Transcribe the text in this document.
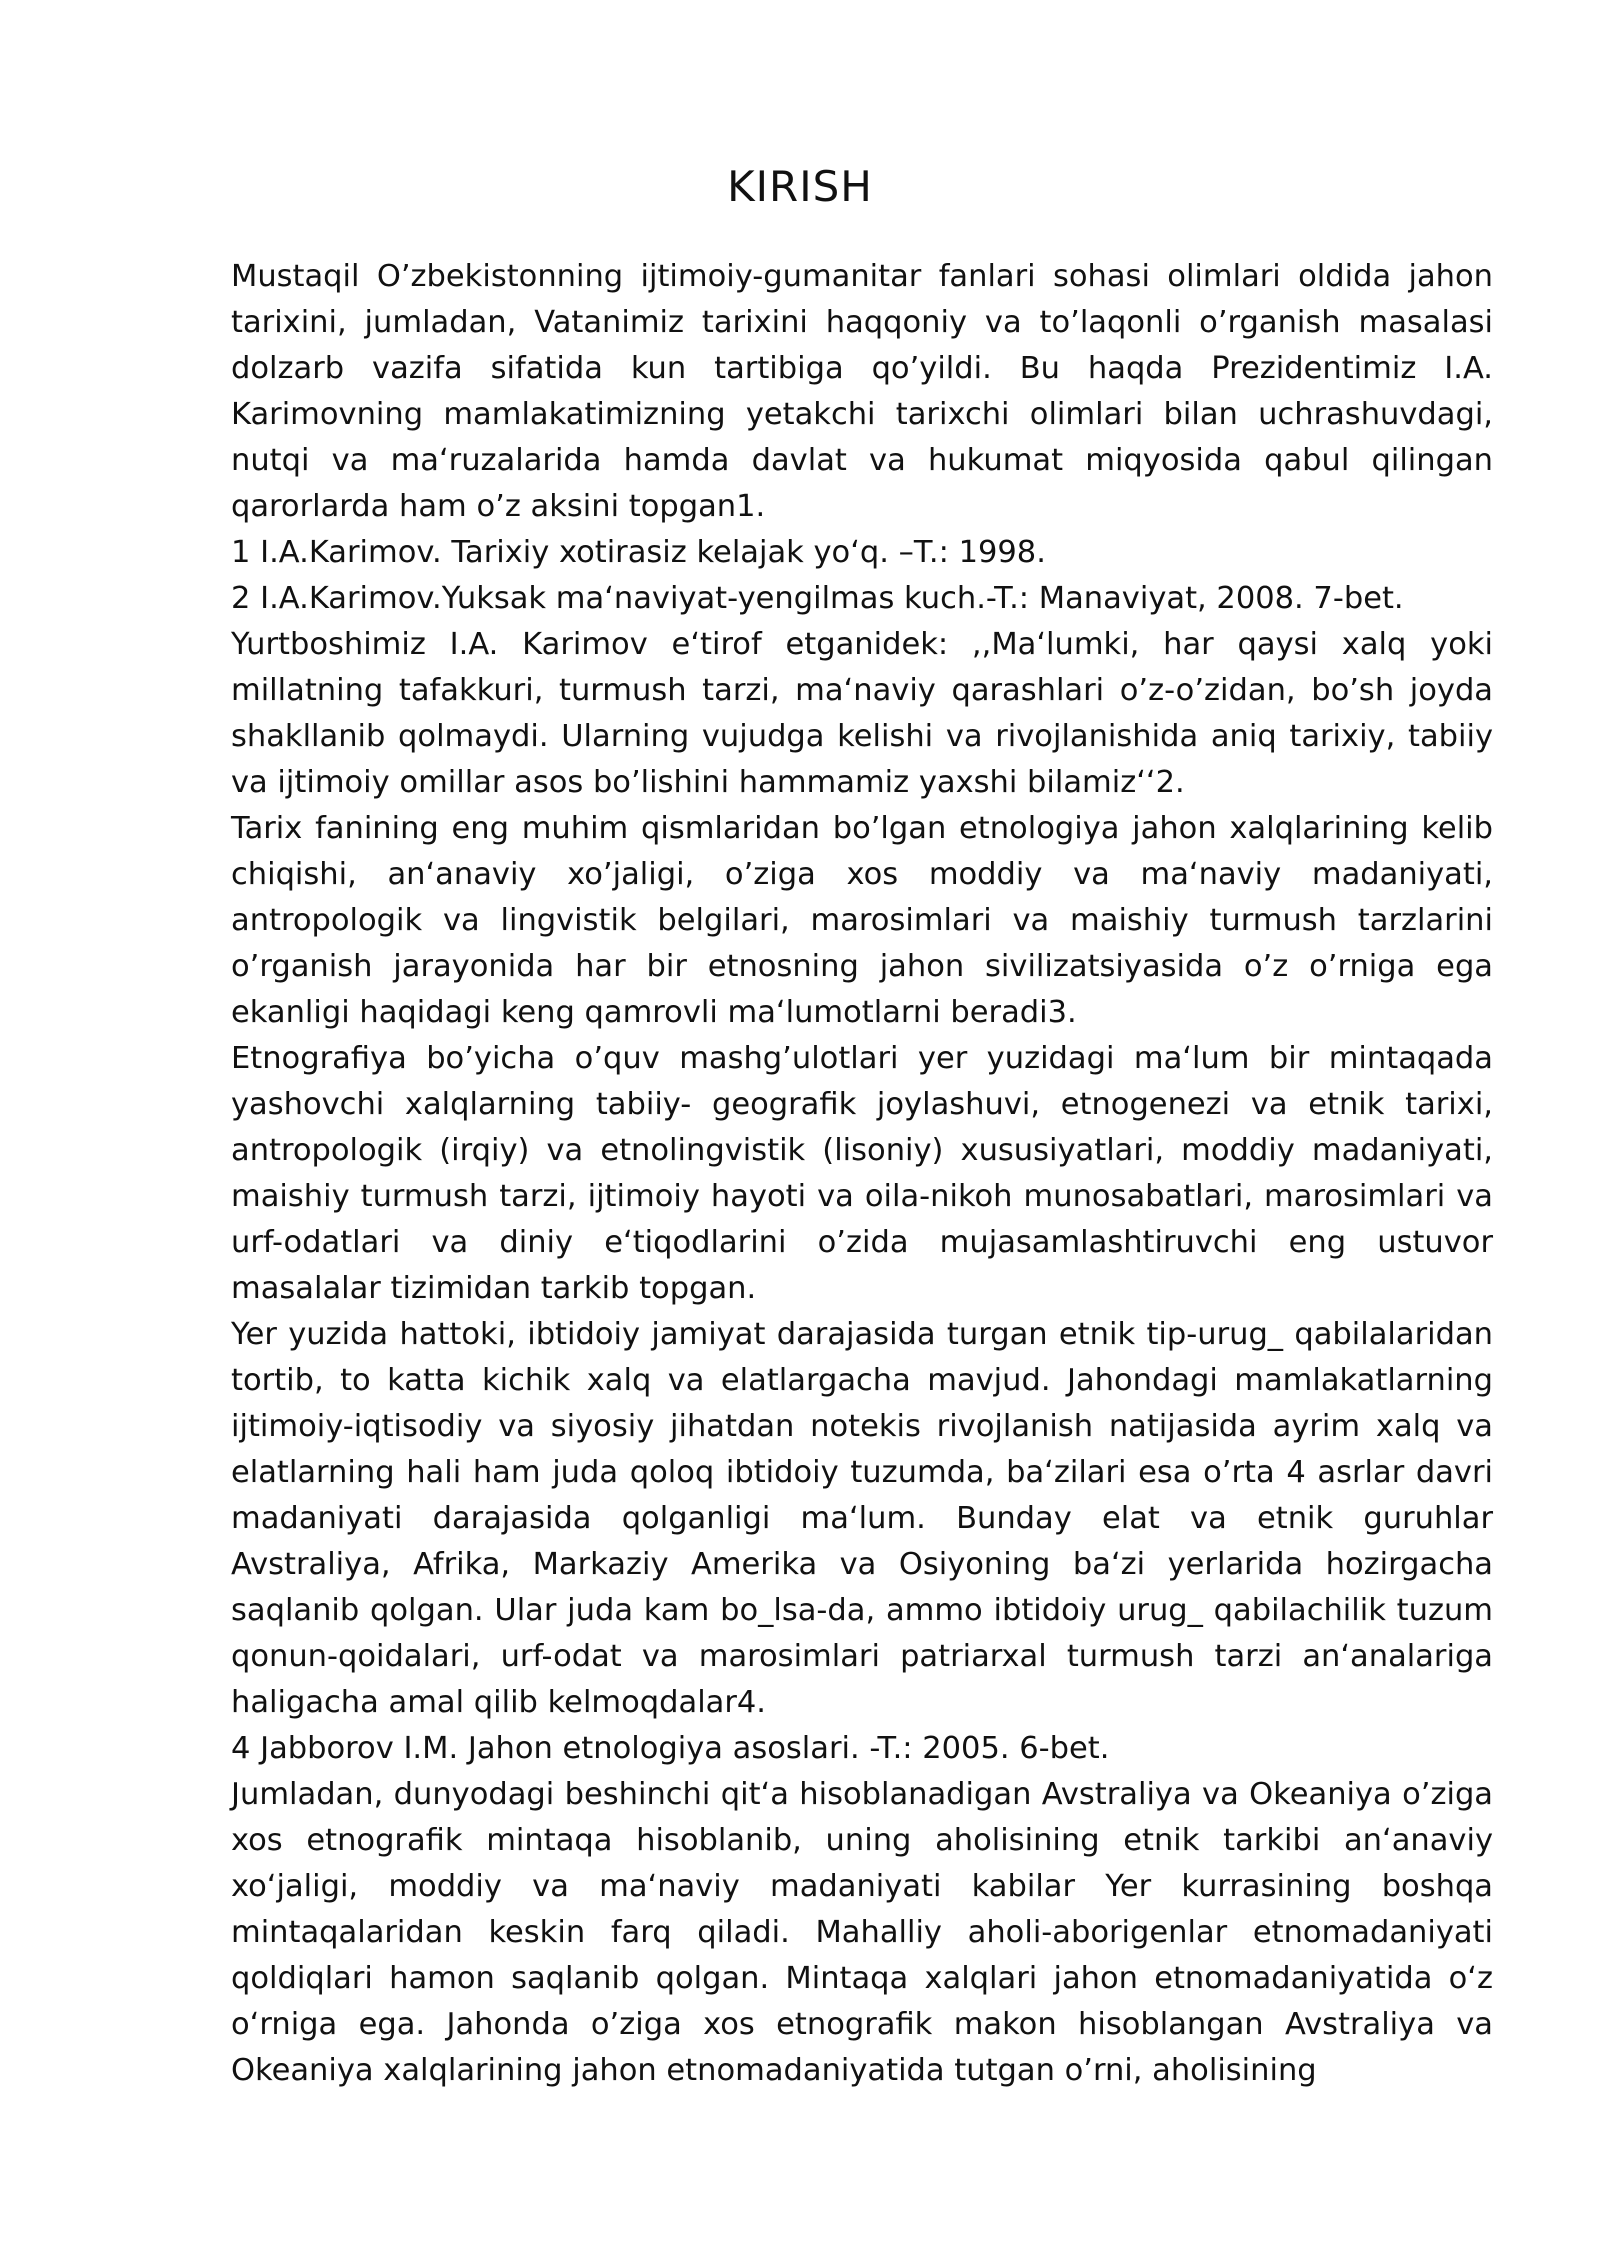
KIRISH

Mustaqil O’zbekistonning ijtimoiy-gumanitar fanlari sohasi olimlari oldida jahon tarixini, jumladan, Vatanimiz tarixini haqqoniy va to’laqonli o’rganish masalasi dolzarb vazifa sifatida kun tartibiga qo’yildi. Bu haqda Prezidentimiz I.A. Karimovning mamlakatimizning yetakchi tarixchi olimlari bilan uchrashuvdagi, nutqi va maʻruzalarida hamda davlat va hukumat miqyosida qabul qilingan qarorlarda ham o’z aksini topgan1.

1 I.A.Karimov. Tarixiy xotirasiz kelajak yoʻq. –T.: 1998.

2 I.A.Karimov.Yuksak maʻnaviyat-yengilmas kuch.-T.: Manaviyat, 2008. 7-bet.

Yurtboshimiz I.A. Karimov eʻtirof etganidek: ,,Maʻlumki, har qaysi xalq yoki millatning tafakkuri, turmush tarzi, maʻnaviy qarashlari o’z-o’zidan, bo’sh joyda shakllanib qolmaydi. Ularning vujudga kelishi va rivojlanishida aniq tarixiy, tabiiy va ijtimoiy omillar asos bo’lishini hammamiz yaxshi bilamiz‘‘2.

Tarix fanining eng muhim qismlaridan bo’lgan etnologiya jahon xalqlarining kelib chiqishi, anʻanaviy xo’jaligi, o’ziga xos moddiy va maʻnaviy madaniyati, antropologik va lingvistik belgilari, marosimlari va maishiy turmush tarzlarini o’rganish jarayonida har bir etnosning jahon sivilizatsiyasida o’z o’rniga ega ekanligi haqidagi keng qamrovli maʻlumotlarni beradi3.

Etnografiya bo’yicha o’quv mashg’ulotlari yer yuzidagi maʻlum bir mintaqada yashovchi xalqlarning tabiiy- geografik joylashuvi, etnogenezi va etnik tarixi, antropologik (irqiy) va etnolingvistik (lisoniy) xususiyatlari, moddiy madaniyati, maishiy turmush tarzi, ijtimoiy hayoti va oila-nikoh munosabatlari, marosimlari va urf-odatlari va diniy eʻtiqodlarini o’zida mujasamlashtiruvchi eng ustuvor masalalar tizimidan tarkib topgan.

Yer yuzida hattoki, ibtidoiy jamiyat darajasida turgan etnik tip-urug_ qabilalaridan tortib, to katta kichik xalq va elatlargacha mavjud. Jahondagi mamlakatlarning ijtimoiy-iqtisodiy va siyosiy jihatdan notekis rivojlanish natijasida ayrim xalq va elatlarning hali ham juda qoloq ibtidoiy tuzumda, baʻzilari esa o’rta 4 asrlar davri madaniyati darajasida qolganligi maʻlum. Bunday elat va etnik guruhlar Avstraliya, Afrika, Markaziy Amerika va Osiyoning baʻzi yerlarida hozirgacha saqlanib qolgan. Ular juda kam bo_lsa-da, ammo ibtidoiy urug_ qabilachilik tuzum qonun-qoidalari, urf-odat va marosimlari patriarxal turmush tarzi anʻanalariga haligacha amal qilib kelmoqdalar4.

4 Jabborov I.M. Jahon etnologiya asoslari. -T.: 2005. 6-bet.

Jumladan, dunyodagi beshinchi qitʻa hisoblanadigan Avstraliya va Okeaniya o’ziga xos etnografik mintaqa hisoblanib, uning aholisining etnik tarkibi anʻanaviy xoʻjaligi, moddiy va maʻnaviy madaniyati kabilar Yer kurrasining boshqa mintaqalaridan keskin farq qiladi. Mahalliy aholi-aborigenlar etnomadaniyati qoldiqlari hamon saqlanib qolgan. Mintaqa xalqlari jahon etnomadaniyatida oʻz oʻrniga ega. Jahonda o’ziga xos etnografik makon hisoblangan Avstraliya va Okeaniya xalqlarining jahon etnomadaniyatida tutgan o’rni, aholisining
